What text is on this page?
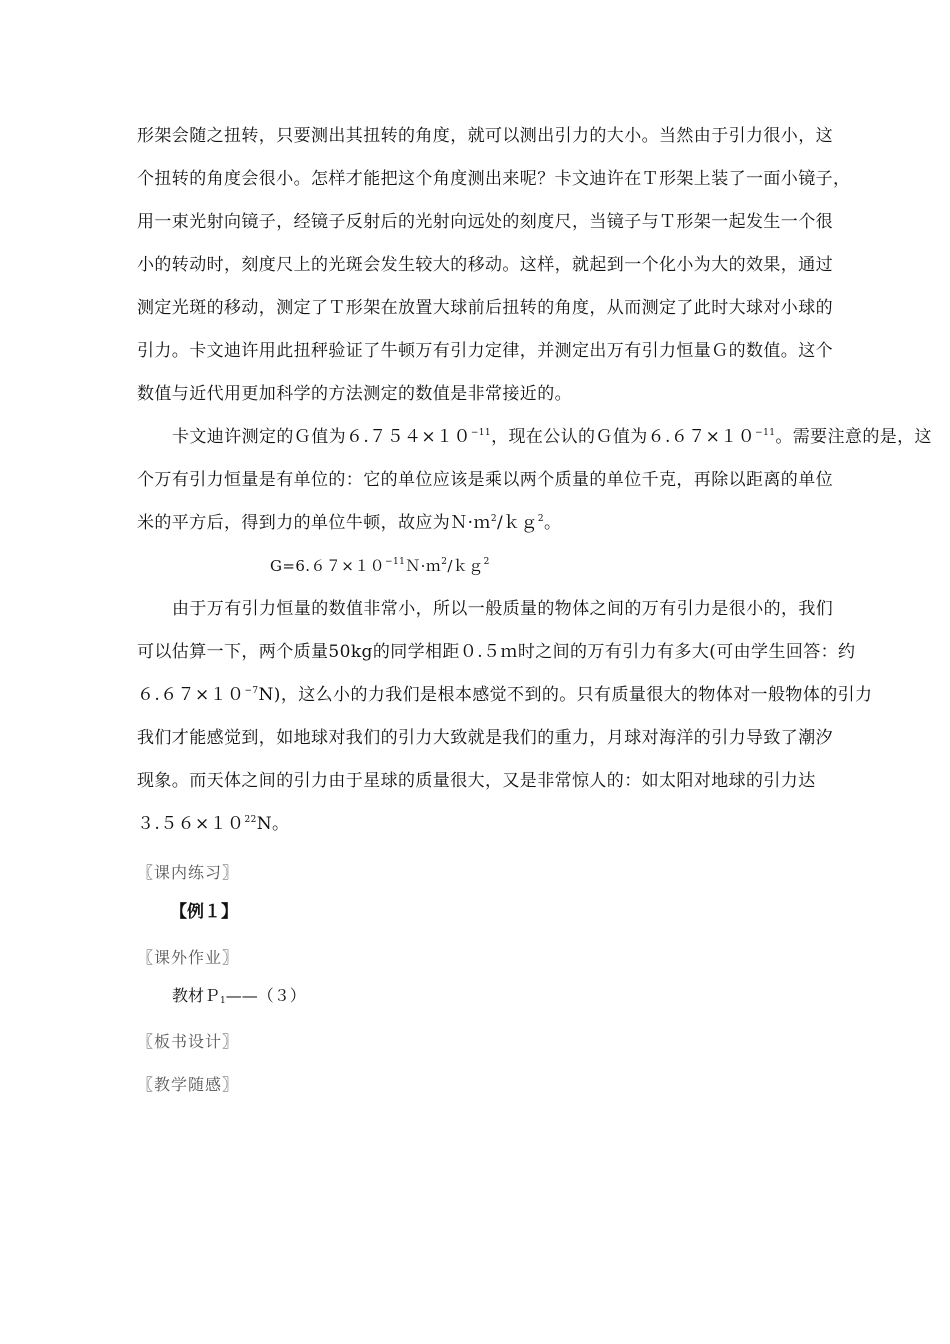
形架会随之扭转，只要测出其扭转的角度，就可以测出引力的大小。当然由于引力很小，这
个扭转的角度会很小。怎样才能把这个角度测出来呢？卡文迪许在Ｔ形架上装了一面小镜子，
用一束光射向镜子，经镜子反射后的光射向远处的刻度尺，当镜子与Ｔ形架一起发生一个很
小的转动时，刻度尺上的光斑会发生较大的移动。这样，就起到一个化小为大的效果，通过
测定光斑的移动，测定了Ｔ形架在放置大球前后扭转的角度，从而测定了此时大球对小球的
引力。卡文迪许用此扭秤验证了牛顿万有引力定律，并测定出万有引力恒量Ｇ的数值。这个
数值与近代用更加科学的方法测定的数值是非常接近的。
卡文迪许测定的Ｇ值为$6.754\times 10^{-11}$，现在公认的Ｇ值为$6.67\times 10^{-11}$。需要注意的是，这
个万有引力恒量是有单位的：它的单位应该是乘以两个质量的单位千克，再除以距离的单位
米的平方后，得到力的单位牛顿，故应为Ｎ·ｍ$^2$/ｋｇ$^2$。
$G=6.67\times 10^{-11}N\cdot m^2/kg^2$
由于万有引力恒量的数值非常小，所以一般质量的物体之间的万有引力是很小的，我们
可以估算一下，两个质量50kg的同学相距０.５ｍ时之间的万有引力有多大(可由学生回答：约
$6.67\times 10^{-7}N$)，这么小的力我们是根本感觉不到的。只有质量很大的物体对一般物体的引力
我们才能感觉到，如地球对我们的引力大致就是我们的重力，月球对海洋的引力导致了潮汐
现象。而天体之间的引力由于星球的质量很大，又是非常惊人的：如太阳对地球的引力达
$3.56\times 10^{22}N$。
〖课内练习〗
【例１】
〖课外作业〗
教材Ｐ$_1$——（３）
〖板书设计〗
〖教学随感〗
